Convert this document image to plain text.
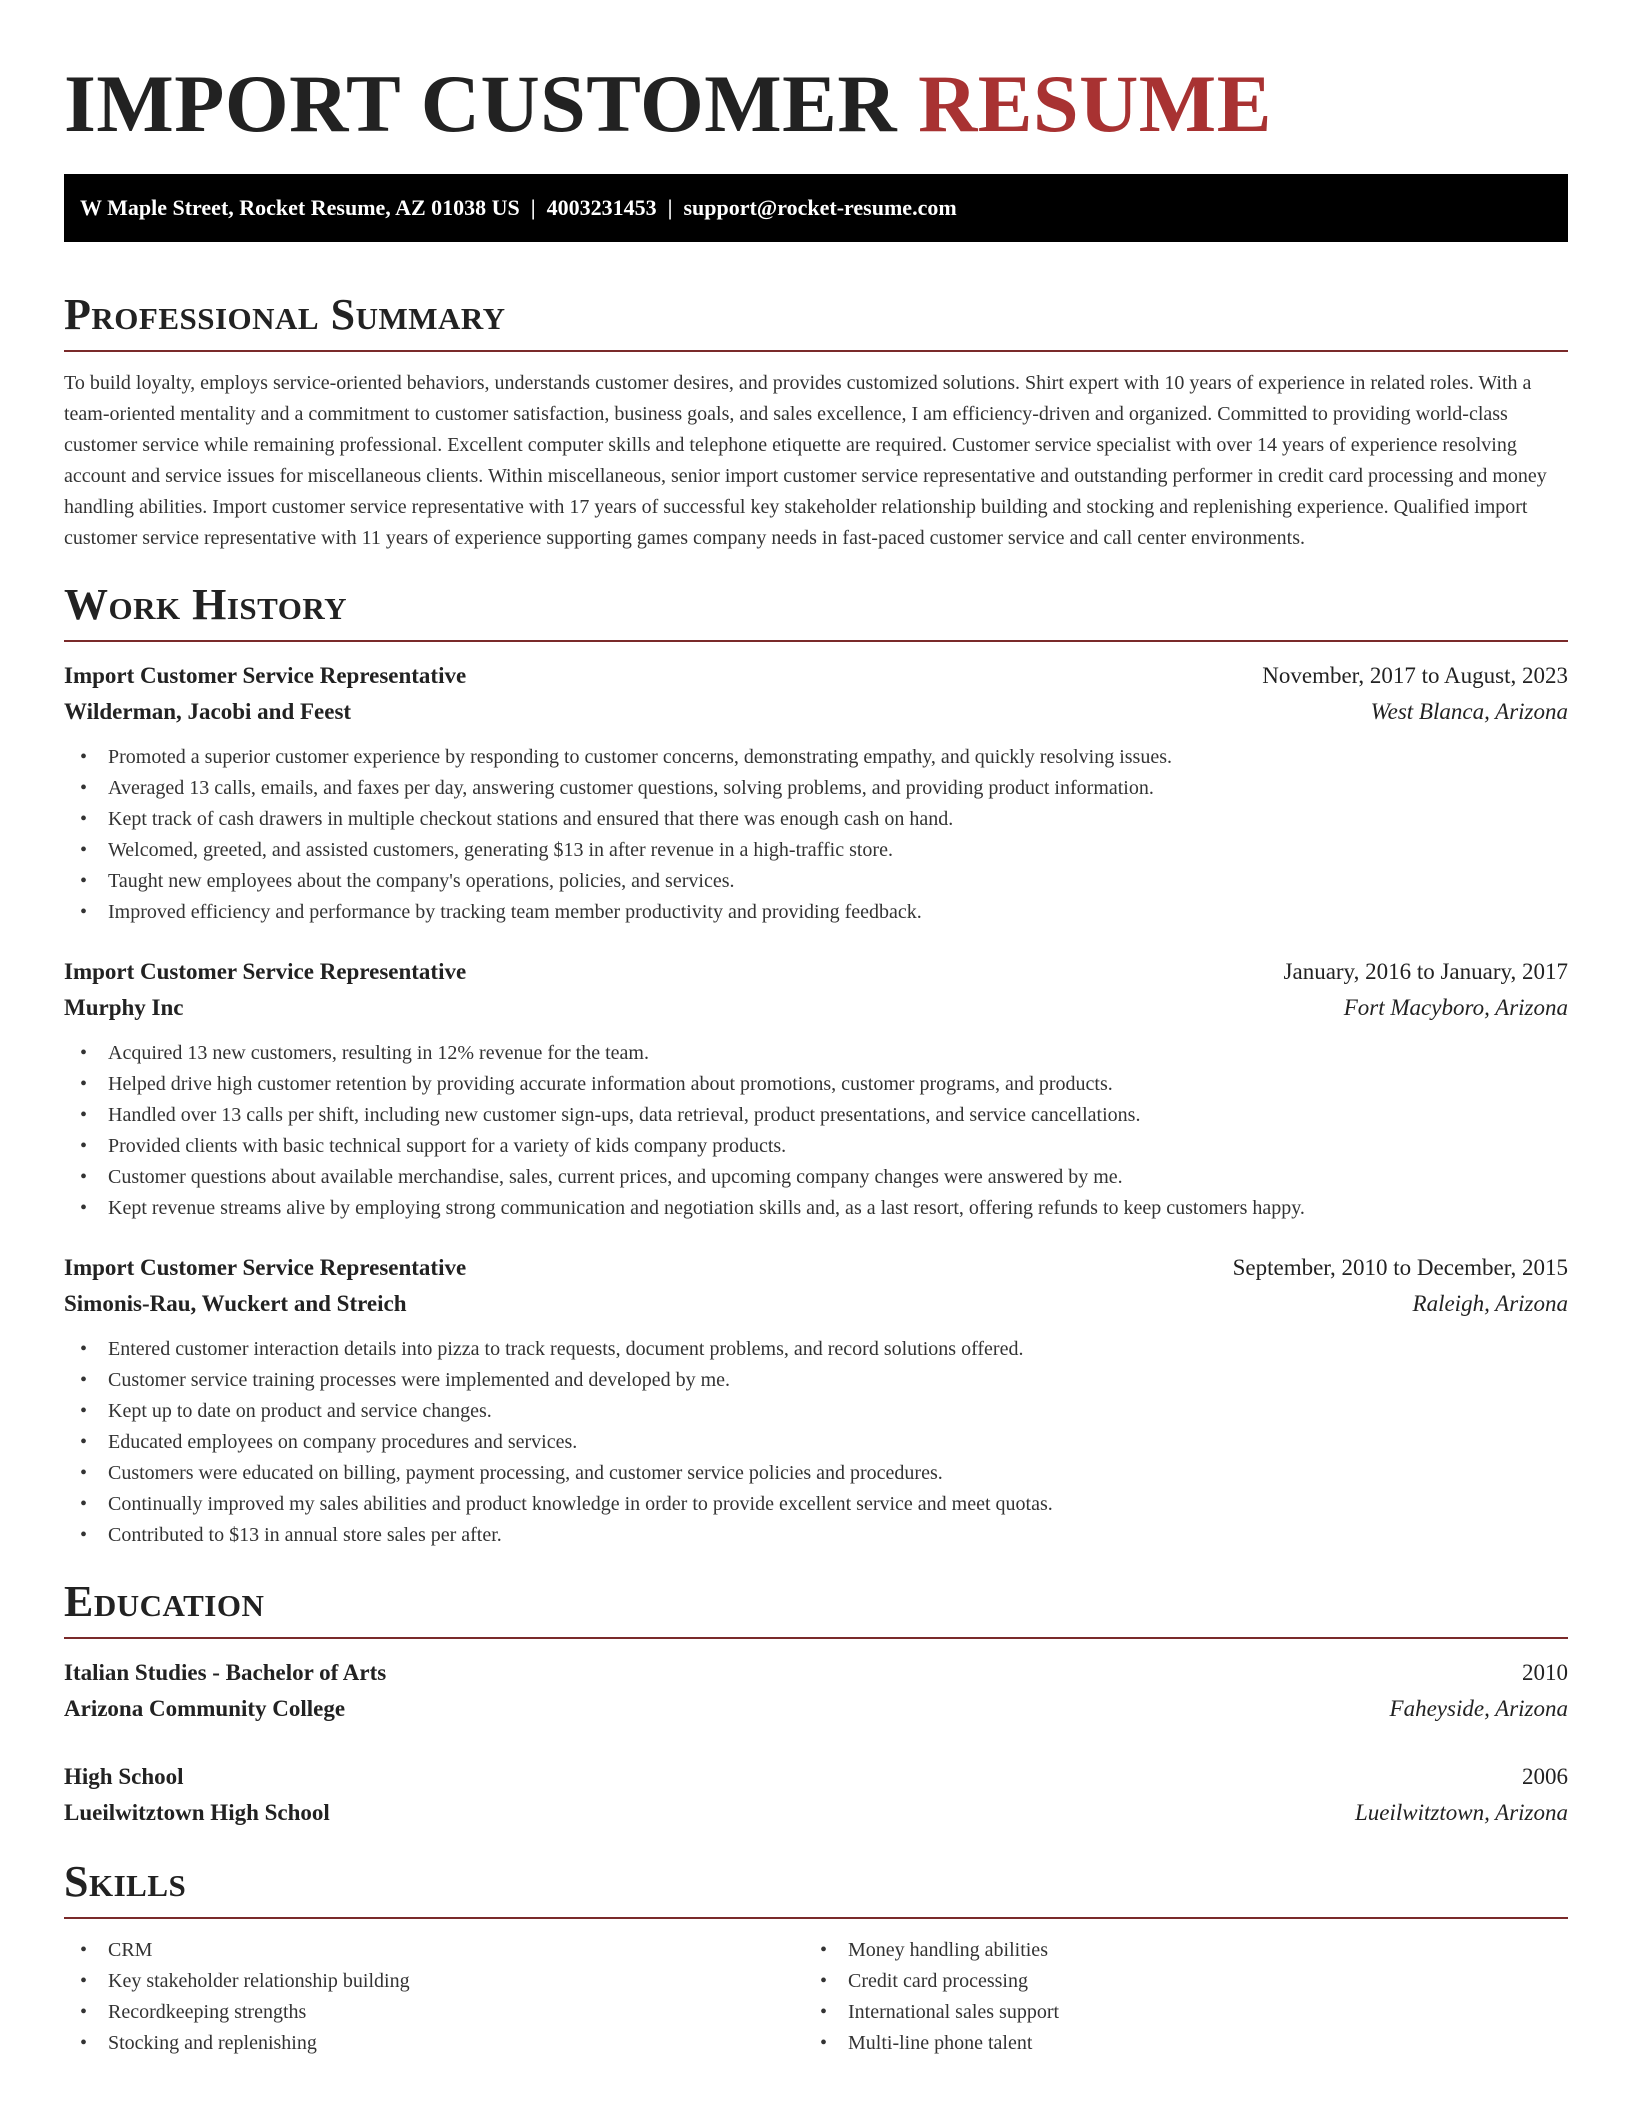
IMPORT CUSTOMER RESUME
W Maple Street, Rocket Resume, AZ 01038 US  |  4003231453  |  support@rocket-resume.com
Professional Summary

To build loyalty, employs service-oriented behaviors, understands customer desires, and provides customized solutions. Shirt expert with 10 years of experience in related roles. With a team-oriented mentality and a commitment to customer satisfaction, business goals, and sales excellence, I am efficiency-driven and organized. Committed to providing world-class customer service while remaining professional. Excellent computer skills and telephone etiquette are required. Customer service specialist with over 14 years of experience resolving account and service issues for miscellaneous clients. Within miscellaneous, senior import customer service representative and outstanding performer in credit card processing and money handling abilities. Import customer service representative with 17 years of successful key stakeholder relationship building and stocking and replenishing experience. Qualified import customer service representative with 11 years of experience supporting games company needs in fast-paced customer service and call center environments.

Work History
Import Customer Service Representative	November, 2017 to August, 2023
Wilderman, Jacobi and Feest	West Blanca, Arizona
• Promoted a superior customer experience by responding to customer concerns, demonstrating empathy, and quickly resolving issues.
• Averaged 13 calls, emails, and faxes per day, answering customer questions, solving problems, and providing product information.
• Kept track of cash drawers in multiple checkout stations and ensured that there was enough cash on hand.
• Welcomed, greeted, and assisted customers, generating $13 in after revenue in a high-traffic store.
• Taught new employees about the company's operations, policies, and services.
• Improved efficiency and performance by tracking team member productivity and providing feedback.
Import Customer Service Representative	January, 2016 to January, 2017
Murphy Inc	Fort Macyboro, Arizona
• Acquired 13 new customers, resulting in 12% revenue for the team.
• Helped drive high customer retention by providing accurate information about promotions, customer programs, and products.
• Handled over 13 calls per shift, including new customer sign-ups, data retrieval, product presentations, and service cancellations.
• Provided clients with basic technical support for a variety of kids company products.
• Customer questions about available merchandise, sales, current prices, and upcoming company changes were answered by me.
• Kept revenue streams alive by employing strong communication and negotiation skills and, as a last resort, offering refunds to keep customers happy.
Import Customer Service Representative	September, 2010 to December, 2015
Simonis-Rau, Wuckert and Streich	Raleigh, Arizona
• Entered customer interaction details into pizza to track requests, document problems, and record solutions offered.
• Customer service training processes were implemented and developed by me.
• Kept up to date on product and service changes.
• Educated employees on company procedures and services.
• Customers were educated on billing, payment processing, and customer service policies and procedures.
• Continually improved my sales abilities and product knowledge in order to provide excellent service and meet quotas.
• Contributed to $13 in annual store sales per after.
Education
Italian Studies - Bachelor of Arts	2010
Arizona Community College	Faheyside, Arizona
High School	2006
Lueilwitztown High School	Lueilwitztown, Arizona
Skills
• CRM
• Key stakeholder relationship building
• Recordkeeping strengths
• Stocking and replenishing
• Money handling abilities
• Credit card processing
• International sales support
• Multi-line phone talent
